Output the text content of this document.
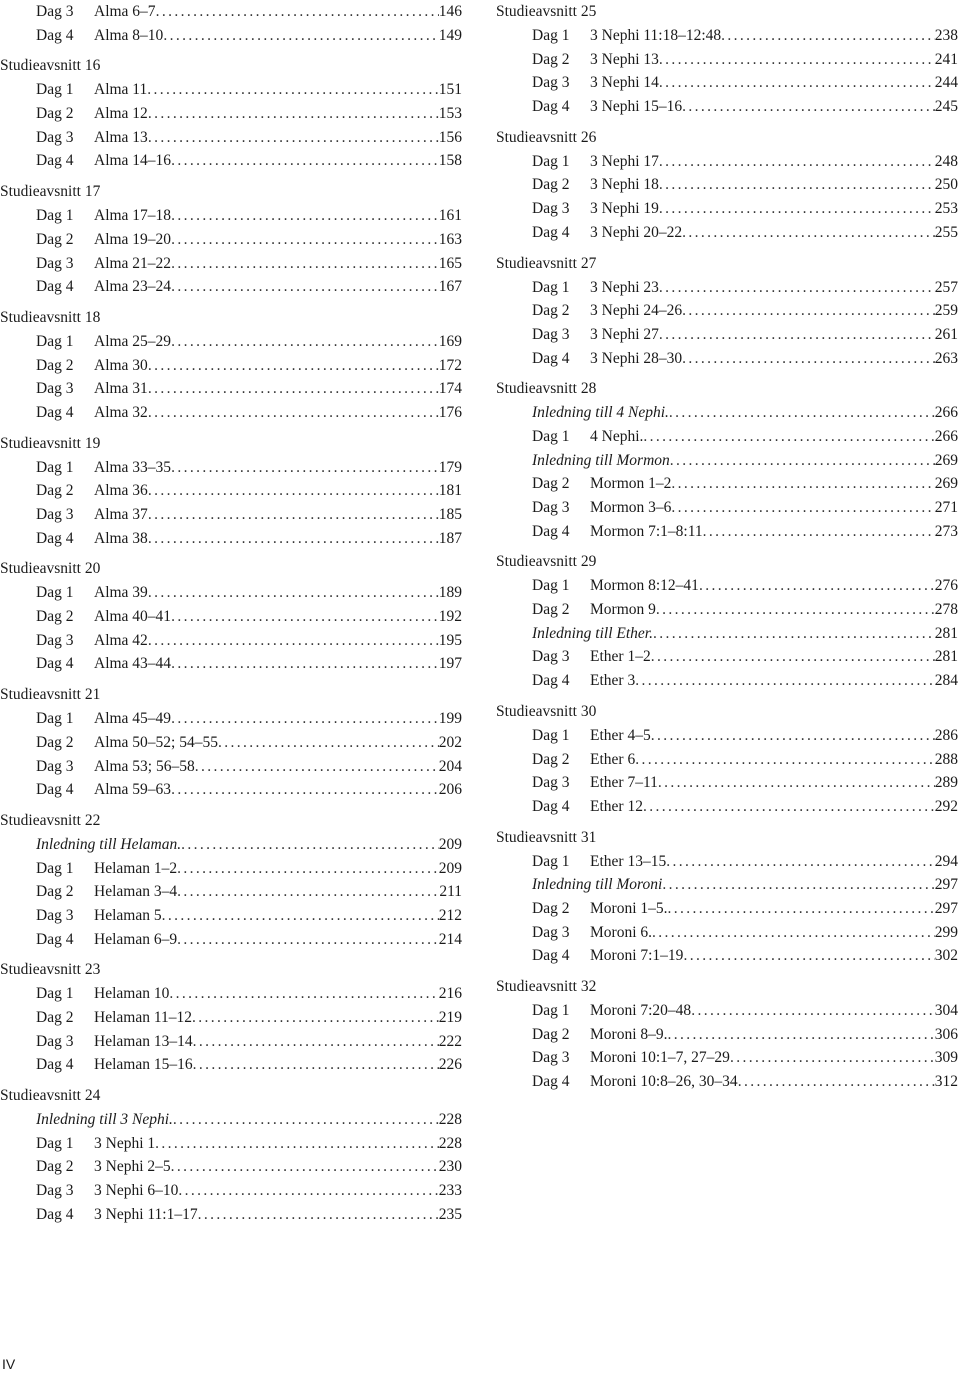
Dag 3	Alma 6–7 . . .	146
Dag 4	Alma 8–10 . . .	149
Studieavsnitt 16
Dag 1	Alma 11 . . .	151
Dag 2	Alma 12 . . .	153
Dag 3	Alma 13 . . .	156
Dag 4	Alma 14–16 . . .	158
Studieavsnitt 17
Dag 1	Alma 17–18 . . .	161
Dag 2	Alma 19–20 . . .	163
Dag 3	Alma 21–22 . . .	165
Dag 4	Alma 23–24 . . .	167
Studieavsnitt 18
Dag 1	Alma 25–29 . . .	169
Dag 2	Alma 30 . . .	172
Dag 3	Alma 31 . . .	174
Dag 4	Alma 32 . . .	176
Studieavsnitt 19
Dag 1	Alma 33–35 . . .	179
Dag 2	Alma 36 . . .	181
Dag 3	Alma 37 . . .	185
Dag 4	Alma 38 . . .	187
Studieavsnitt 20
Dag 1	Alma 39 . . .	189
Dag 2	Alma 40–41 . . .	192
Dag 3	Alma 42 . . .	195
Dag 4	Alma 43–44 . . .	197
Studieavsnitt 21
Dag 1	Alma 45–49 . . .	199
Dag 2	Alma 50–52; 54–55 . . .	202
Dag 3	Alma 53; 56–58 . . .	204
Dag 4	Alma 59–63 . . .	206
Studieavsnitt 22
Inledning till Helaman. . . .	209
Dag 1	Helaman 1–2 . . .	209
Dag 2	Helaman 3–4 . . .	211
Dag 3	Helaman 5 . . .	212
Dag 4	Helaman 6–9 . . .	214
Studieavsnitt 23
Dag 1	Helaman 10 . . .	216
Dag 2	Helaman 11–12 . . .	219
Dag 3	Helaman 13–14 . . .	222
Dag 4	Helaman 15–16 . . .	226
Studieavsnitt 24
Inledning till 3 Nephi. . . .	228
Dag 1	3 Nephi 1 . . .	228
Dag 2	3 Nephi 2–5 . . .	230
Dag 3	3 Nephi 6–10 . . .	233
Dag 4	3 Nephi 11:1–17 . . .	235
Studieavsnitt 25
Dag 1	3 Nephi 11:18–12:48 . . .	238
Dag 2	3 Nephi 13 . . .	241
Dag 3	3 Nephi 14 . . .	244
Dag 4	3 Nephi 15–16 . . .	245
Studieavsnitt 26
Dag 1	3 Nephi 17 . . .	248
Dag 2	3 Nephi 18 . . .	250
Dag 3	3 Nephi 19 . . .	253
Dag 4	3 Nephi 20–22 . . .	255
Studieavsnitt 27
Dag 1	3 Nephi 23 . . .	257
Dag 2	3 Nephi 24–26 . . .	259
Dag 3	3 Nephi 27 . . .	261
Dag 4	3 Nephi 28–30 . . .	263
Studieavsnitt 28
Inledning till 4 Nephi. . . .	266
Dag 1	4 Nephi. . . .	266
Inledning till Mormon . . .	269
Dag 2	Mormon 1–2 . . .	269
Dag 3	Mormon 3–6 . . .	271
Dag 4	Mormon 7:1–8:11 . . .	273
Studieavsnitt 29
Dag 1	Mormon 8:12–41 . . .	276
Dag 2	Mormon 9 . . .	278
Inledning till Ether. . . .	281
Dag 3	Ether 1–2 . . .	281
Dag 4	Ether 3 . . .	284
Studieavsnitt 30
Dag 1	Ether 4–5 . . .	286
Dag 2	Ether 6 . . .	288
Dag 3	Ether 7–11 . . .	289
Dag 4	Ether 12 . . .	292
Studieavsnitt 31
Dag 1	Ether 13–15 . . .	294
Inledning till Moroni . . .	297
Dag 2	Moroni 1–5. . . .	297
Dag 3	Moroni 6. . . .	299
Dag 4	Moroni 7:1–19 . . .	302
Studieavsnitt 32
Dag 1	Moroni 7:20–48 . . .	304
Dag 2	Moroni 8–9. . . .	306
Dag 3	Moroni 10:1–7, 27–29 . . .	309
Dag 4	Moroni 10:8–26, 30–34 . . .	312
IV
